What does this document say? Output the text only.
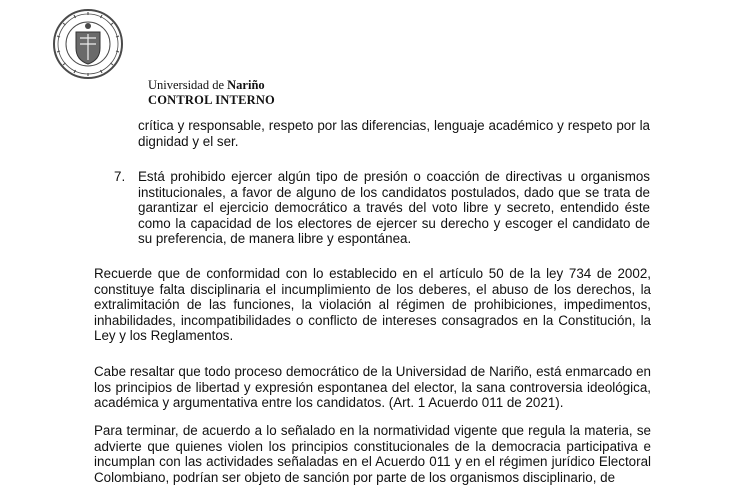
Universidad de Nariño
CONTROL INTERNO

crítica y responsable, respeto por las diferencias, lenguaje académico y respeto por la dignidad y el ser.

7. Está prohibido ejercer algún tipo de presión o coacción de directivas u organismos institucionales, a favor de alguno de los candidatos postulados, dado que se trata de garantizar el ejercicio democrático a través del voto libre y secreto, entendido éste como la capacidad de los electores de ejercer su derecho y escoger el candidato de su preferencia, de manera libre y espontánea.

Recuerde que de conformidad con lo establecido en el artículo 50 de la ley 734 de 2002, constituye falta disciplinaria el incumplimiento de los deberes, el abuso de los derechos, la extralimitación de las funciones, la violación al régimen de prohibiciones, impedimentos, inhabilidades, incompatibilidades o conflicto de intereses consagrados en la Constitución, la Ley y los Reglamentos.

Cabe resaltar que todo proceso democrático de la Universidad de Nariño, está enmarcado en los principios de libertad y expresión espontanea del elector, la sana controversia ideológica, académica y argumentativa entre los candidatos. (Art. 1 Acuerdo 011 de 2021).

Para terminar, de acuerdo a lo señalado en la normatividad vigente que regula la materia, se advierte que quienes violen los principios constitucionales de la democracia participativa e incumplan con las actividades señaladas en el Acuerdo 011 y en el régimen jurídico Electoral Colombiano, podrían ser objeto de sanción por parte de los organismos disciplinario, de
